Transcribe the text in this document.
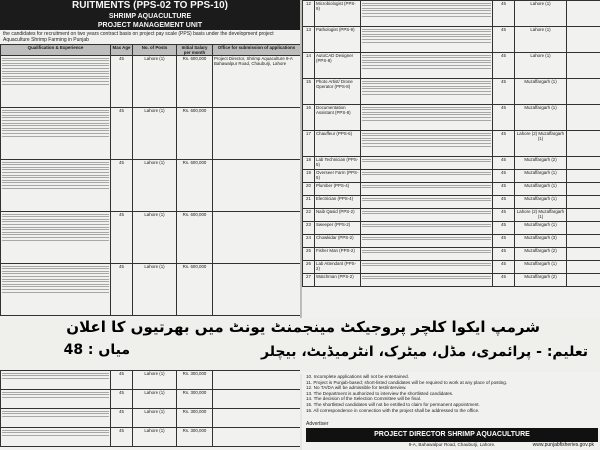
RUITMENTS (PPS-02 TO PPS-10)
SHRIMP AQUACULTURE
PROJECT MANAGEMENT UNIT
the candidates for recruitment on two years contract basis on project pay scale (PPS) basis under the development project Aquaculture Shrimp Farming in Punjab
Qualification & Experience	Max Age	No. of Posts	Initial Salary per month	Office for submission of applications

	45	Lahore (1)	Rs. 600,000	Project Director, Shrimp Aquaculture 9-A Bahawalpur Road, Chauburji, Lahore

	45	Lahore (1)	Rs. 600,000	

	45	Lahore (1)	Rs. 600,000	

	45	Lahore (1)	Rs. 600,000	

	45	Lahore (1)	Rs. 600,000	
12	Microbiologist (PPS-9)		45	Lahore (1)	
13	Pathologist (PPS-9)		45	Lahore (1)	
14	AutoCAD Designer (PPS-8)		45	Lahore (1)	
15	Photo Artist/ Drone Operator (PPS-8)		45	Muzaffargarh (1)	
16	Documentation Assistant (PPS-8)		45	Muzaffargarh (1)	
17	Chauffeur (PPS-6)		45	Lahore (2) Muzaffargarh (1)	
18	Lab Technician (PPS-5)		45	Muzaffargarh (2)	
19	Overseer Farm (PPS-5)		45	Muzaffargarh (1)	
20	Plumber (PPS-4)		45	Muzaffargarh (1)	
21	Electrician (PPS-4)		45	Muzaffargarh (1)	
22	Naib Qasid (PPS-2)		45	Lahore (2) Muzaffargarh (1)	
23	Sweeper (PPS-2)		45	Muzaffargarh (1)	
24	Chowkidar (PPS-2)		45	Muzaffargarh (3)	
25	Fisher Man (PPS-2)		45	Muzaffargarh (2)	
26	Lab Attendant (PPS-2)		45	Muzaffargarh (1)	
27	Watchman (PPS-2)		45	Muzaffargarh (2)	
شرمپ ایکوا کلچر پروجیکٹ مینجمنٹ یونٹ میں بھرتیوں کا اعلان
تعلیم: - پرائمری، مڈل، میٹرک، انٹرمیڈیٹ، بیچلر
میاں : 48
	45	Lahore (1)	Rs. 300,000	

	45	Lahore (1)	Rs. 300,000	

	45	Lahore (1)	Rs. 300,000	

	45	Lahore (1)	Rs. 300,000	
10. Incomplete applications will not be entertained.
11. Project is Punjab-based; short-listed candidates will be required to work at any place of posting.
12. No TA/DA will be admissible for test/interview.
13. The Department is authorized to interview the shortlisted candidates.
14. The decision of the Selection Committee will be final.
15. The shortlisted candidates will not be entitled to claim for permanent appointment.
16. All correspondence in connection with the project shall be addressed to the office.
Advertiser
PROJECT DIRECTOR SHRIMP AQUACULTURE
9-A, Bahawalpur Road, Chauburji, Lahore.	www.punjabfisheries.gov.pk
